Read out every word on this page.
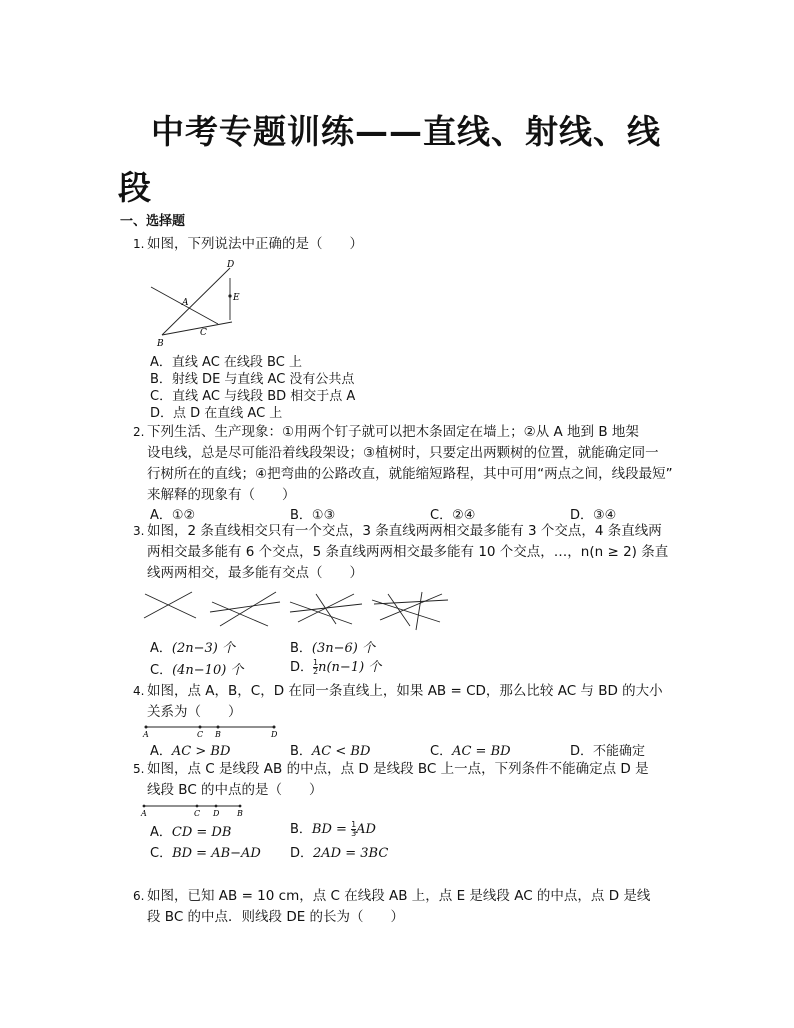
中考专题训练——直线、射线、线
段
一、选择题
1. 如图，下列说法中正确的是（　　）
D
E
A
C
B
A．直线 AC 在线段 BC 上
B．射线 DE 与直线 AC 没有公共点
C．直线 AC 与线段 BD 相交于点 A
D．点 D 在直线 AC 上
2. 下列生活、生产现象：①用两个钉子就可以把木条固定在墙上；②从 A 地到 B 地架
设电线，总是尽可能沿着线段架设；③植树时，只要定出两颗树的位置，就能确定同一
行树所在的直线；④把弯曲的公路改直，就能缩短路程，其中可用“两点之间，线段最短”
来解释的现象有（　　）
A．①②	B．①③	C．②④	D．③④
3. 如图，2 条直线相交只有一个交点，3 条直线两两相交最多能有 3 个交点，4 条直线两
两相交最多能有 6 个交点，5 条直线两两相交最多能有 10 个交点，…，n(n ≥ 2) 条直
线两两相交，最多能有交点（　　）
A．(2n−3) 个	B．(3n−6) 个
C．(4n−10) 个	D． $\frac{1}{2} n(n-1)$ 个
4. 如图，点 A，B，C，D 在同一条直线上，如果 AB = CD，那么比较 AC 与 BD 的大小
关系为（　　）
A	C B	D
A．AC > BD	B．AC < BD	C．AC = BD	D．不能确定
5. 如图，点 C 是线段 AB 的中点，点 D 是线段 BC 上一点，下列条件不能确定点 D 是
线段 BC 的中点的是（　　）
A	C D B
A．CD = DB	B．BD = $\frac{1}{3}$ AD
C．BD = AB−AD D．2AD = 3BC
6. 如图，已知 AB = 10 cm，点 C 在线段 AB 上，点 E 是线段 AC 的中点，点 D 是线
段 BC 的中点．则线段 DE 的长为（　　）
